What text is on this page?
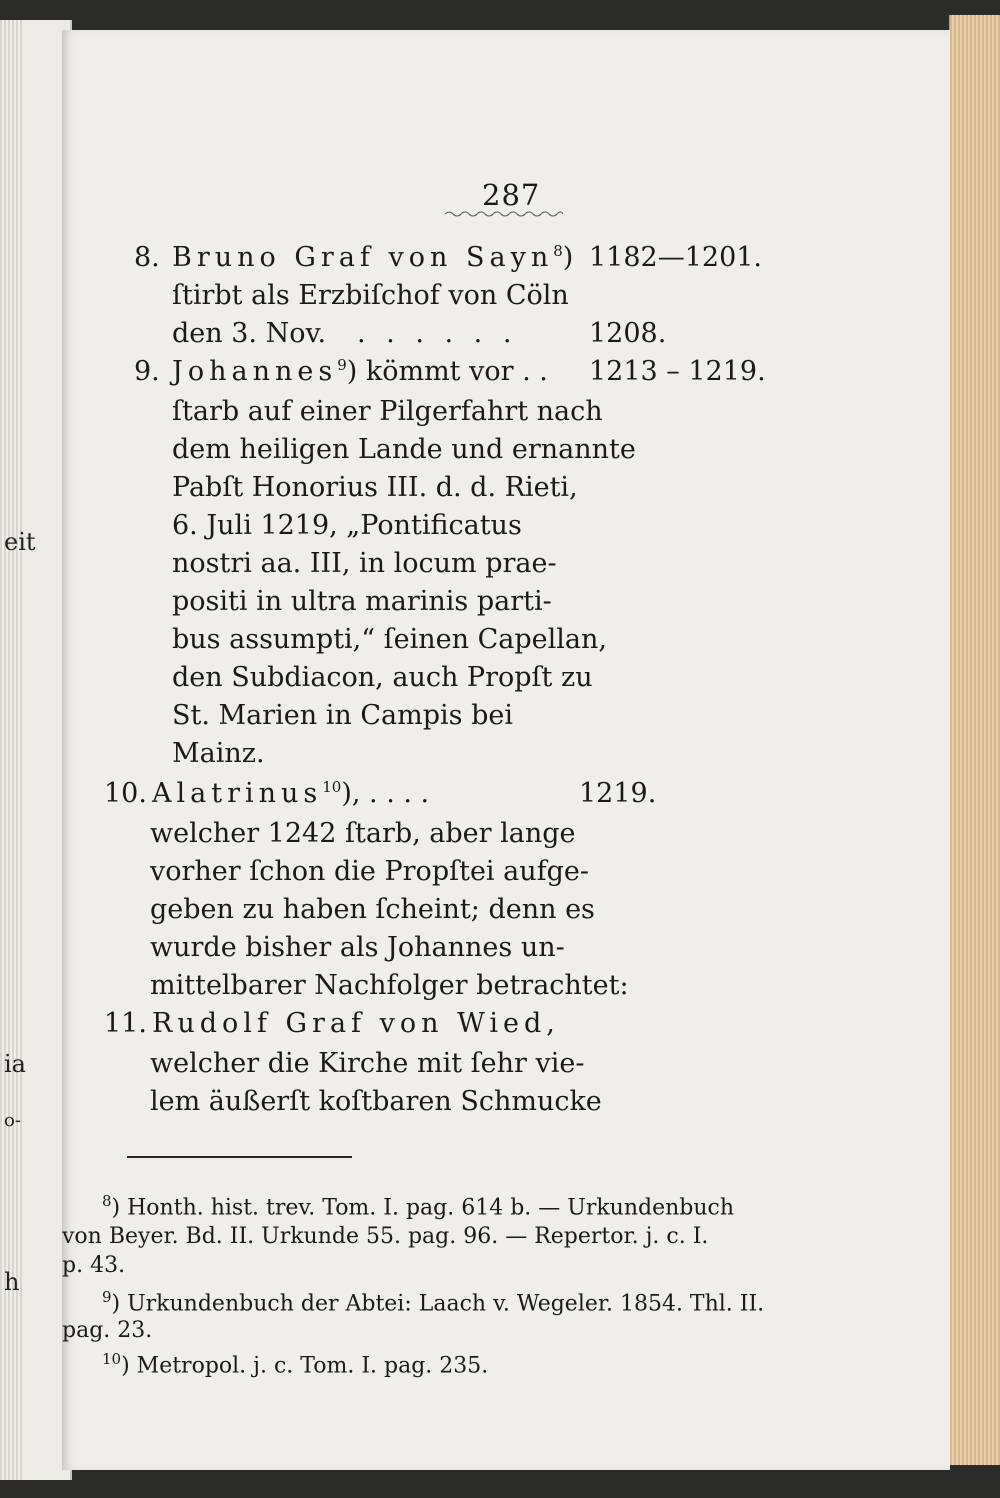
eit
ia
o-
h
287
8. Bruno Graf von Sayn$^8$) 1182—1201.
ſtirbt als Erzbiſchof von Cöln
den 3. Nov. . . . . . .	1208.
9. Johannes$^9$) kömmt vor . . 1213 – 1219.
ſtarb auf einer Pilgerfahrt nach
dem heiligen Lande und ernannte
Pabſt Honorius III. d. d. Rieti,
6. Juli 1219, „Pontificatus
nostri aa. III, in locum prae-
positi in ultra marinis parti-
bus assumpti,“ ſeinen Capellan,
den Subdiacon, auch Propſt zu
St. Marien in Campis bei
Mainz.
10. Alatrinus$^{10}$), . . . .	1219.
welcher 1242 ſtarb, aber lange
vorher ſchon die Propſtei aufge-
geben zu haben ſcheint; denn es
wurde bisher als Johannes un-
mittelbarer Nachfolger betrachtet:
11. Rudolf Graf von Wied,
welcher die Kirche mit ſehr vie-
lem äußerſt koſtbaren Schmucke
$^8$) Honth. hist. trev. Tom. I. pag. 614 b. — Urkundenbuch
von Beyer. Bd. II. Urkunde 55. pag. 96. — Repertor. j. c. I.
p. 43.
$^9$) Urkundenbuch der Abtei: Laach v. Wegeler. 1854. Thl. II.
pag. 23.
$^{10}$) Metropol. j. c. Tom. I. pag. 235.
